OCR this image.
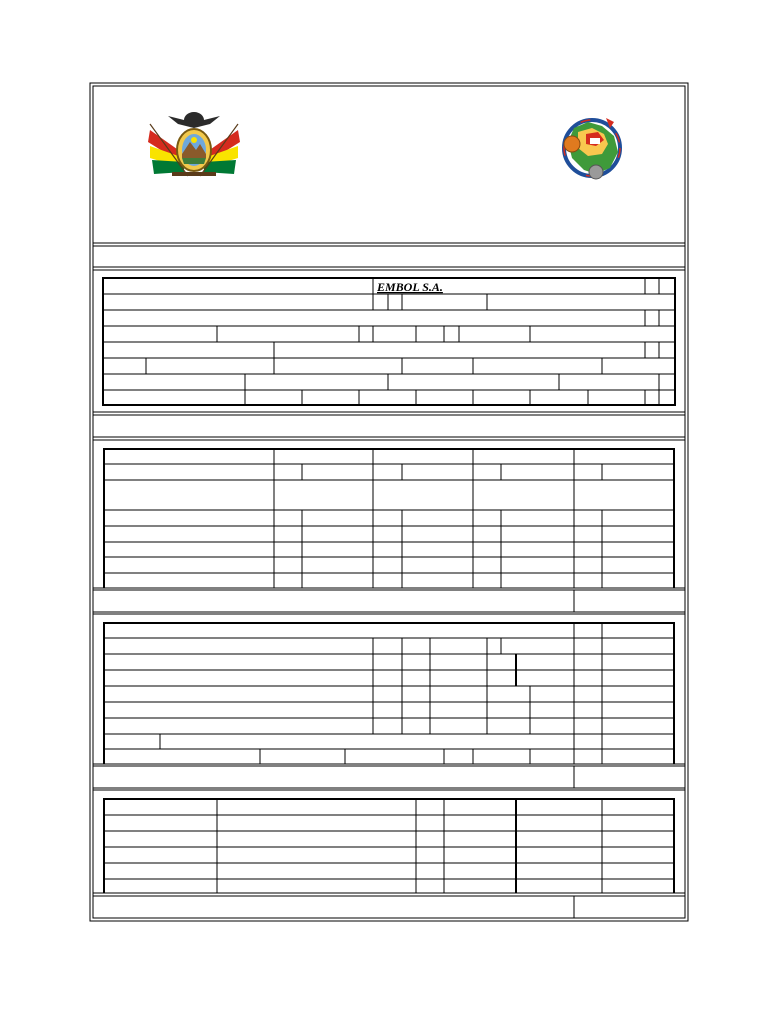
EMBOL S.A.
